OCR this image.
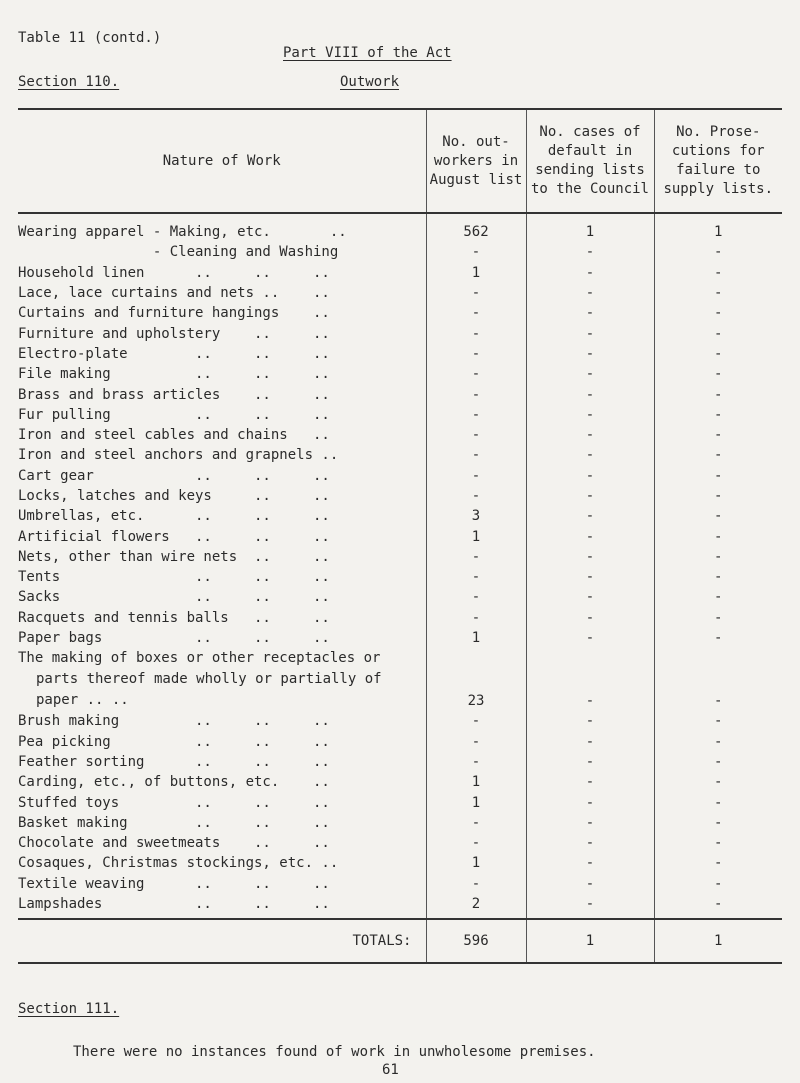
Table 11 (contd.)
Part VIII of the Act
Section 110.	Outwork
Nature of Work	No. out- workers in August list	No. cases of default in sending lists to the Council	No. Prose- cutions for failure to supply lists.
Wearing apparel - Making, etc.       ..	562	1	1
- Cleaning and Washing	-	-	-
Household linen      ..     ..     ..	1	-	-
Lace, lace curtains and nets ..    ..	-	-	-
Curtains and furniture hangings    ..	-	-	-
Furniture and upholstery    ..     ..	-	-	-
Electro-plate        ..     ..     ..	-	-	-
File making          ..     ..     ..	-	-	-
Brass and brass articles    ..     ..	-	-	-
Fur pulling          ..     ..     ..	-	-	-
Iron and steel cables and chains   ..	-	-	-
Iron and steel anchors and grapnels ..	-	-	-
Cart gear            ..     ..     ..	-	-	-
Locks, latches and keys     ..     ..	-	-	-
Umbrellas, etc.      ..     ..     ..	3	-	-
Artificial flowers   ..     ..     ..	1	-	-
Nets, other than wire nets  ..     ..	-	-	-
Tents                ..     ..     ..	-	-	-
Sacks                ..     ..     ..	-	-	-
Racquets and tennis balls   ..     ..	-	-	-
Paper bags           ..     ..     ..	1	-	-
The making of boxes or other receptacles or parts thereof made wholly or partially of paper .. ..	23	-	-
Brush making         ..     ..     ..	-	-	-
Pea picking          ..     ..     ..	-	-	-
Feather sorting      ..     ..     ..	-	-	-
Carding, etc., of buttons, etc.    ..	1	-	-
Stuffed toys         ..     ..     ..	1	-	-
Basket making        ..     ..     ..	-	-	-
Chocolate and sweetmeats    ..     ..	-	-	-
Cosaques, Christmas stockings, etc. ..	1	-	-
Textile weaving      ..     ..     ..	-	-	-
Lampshades           ..     ..     ..	2	-	-
TOTALS:	596	1	1
Section 111.
There were no instances found of work in unwholesome premises.
61
